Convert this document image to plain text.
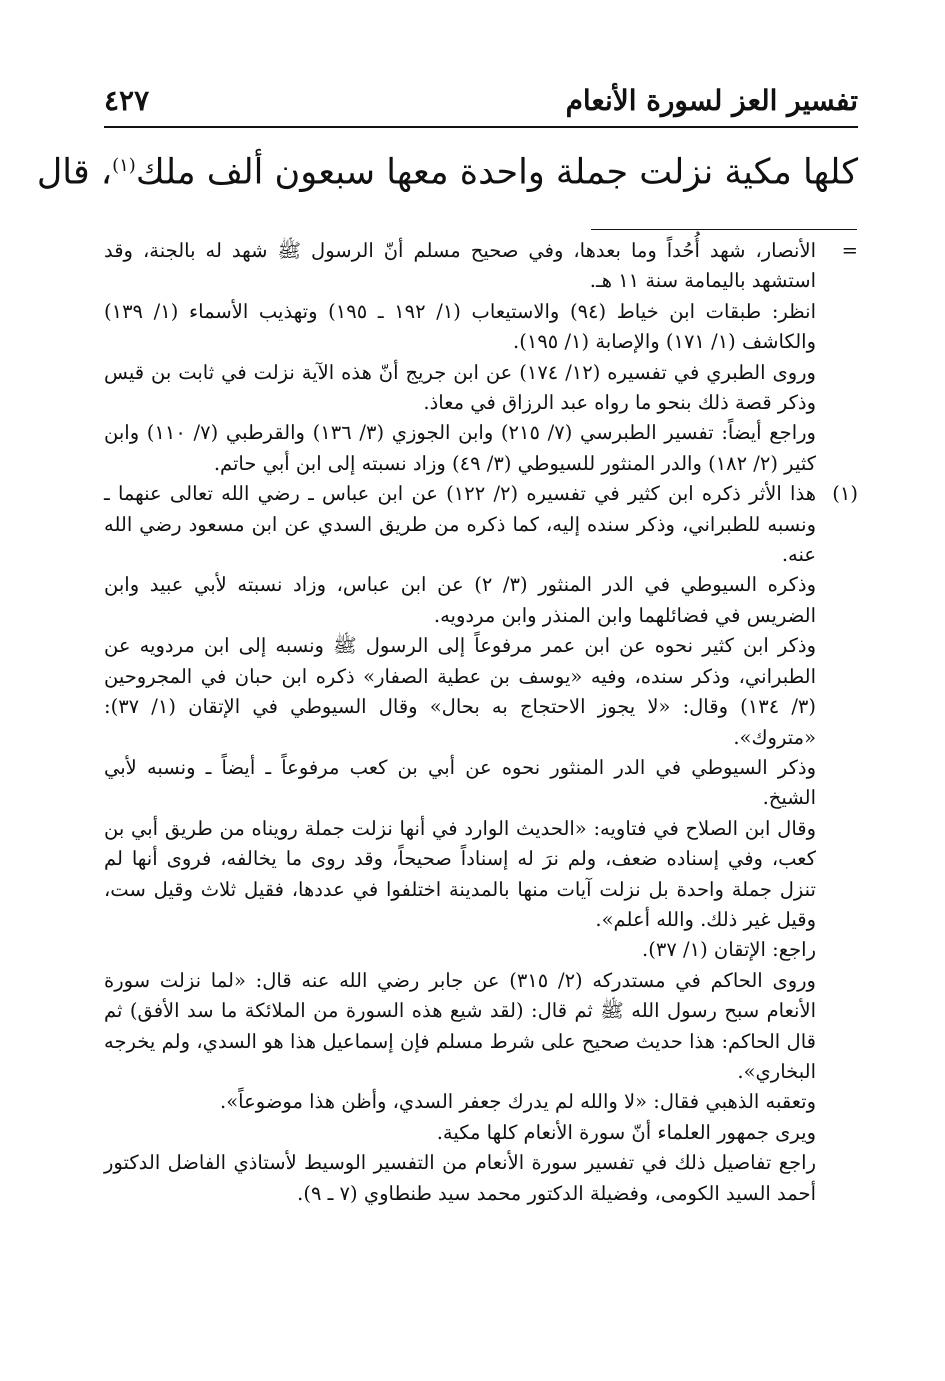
تفسير العز لسورة الأنعام
٤٢٧
كلها مكية نزلت جملة واحدة معها سبعون ألف ملك$^{(١)}$، قال
=

الأنصار، شهد أُحُداً وما بعدها، وفي صحيح مسلم أنّ الرسول ﷺ شهد له بالجنة، وقد استشهد باليمامة سنة ١١ هـ.

انظر: طبقات ابن خياط (٩٤) والاستيعاب (١/ ١٩٢ ـ ١٩٥) وتهذيب الأسماء (١/ ١٣٩) والكاشف (١/ ١٧١) والإصابة (١/ ١٩٥).

وروى الطبري في تفسيره (١٢/ ١٧٤) عن ابن جريج أنّ هذه الآية نزلت في ثابت بن قيس وذكر قصة ذلك بنحو ما رواه عبد الرزاق في معاذ.

وراجع أيضاً: تفسير الطبرسي (٧/ ٢١٥) وابن الجوزي (٣/ ١٣٦) والقرطبي (٧/ ١١٠) وابن كثير (٢/ ١٨٢) والدر المنثور للسيوطي (٣/ ٤٩) وزاد نسبته إلى ابن أبي حاتم.

(١)

هذا الأثر ذكره ابن كثير في تفسيره (٢/ ١٢٢) عن ابن عباس ـ رضي الله تعالى عنهما ـ ونسبه للطبراني، وذكر سنده إليه، كما ذكره من طريق السدي عن ابن مسعود رضي الله عنه.

وذكره السيوطي في الدر المنثور (٣/ ٢) عن ابن عباس، وزاد نسبته لأبي عبيد وابن الضريس في فضائلهما وابن المنذر وابن مردويه.

وذكر ابن كثير نحوه عن ابن عمر مرفوعاً إلى الرسول ﷺ ونسبه إلى ابن مردويه عن الطبراني، وذكر سنده، وفيه «يوسف بن عطية الصفار» ذكره ابن حبان في المجروحين (٣/ ١٣٤) وقال: «لا يجوز الاحتجاج به بحال» وقال السيوطي في الإتقان (١/ ٣٧): «متروك».

وذكر السيوطي في الدر المنثور نحوه عن أبي بن كعب مرفوعاً ـ أيضاً ـ ونسبه لأبي الشيخ.

وقال ابن الصلاح في فتاويه: «الحديث الوارد في أنها نزلت جملة رويناه من طريق أبي بن كعب، وفي إسناده ضعف، ولم نرَ له إسناداً صحيحاً، وقد روى ما يخالفه، فروى أنها لم تنزل جملة واحدة بل نزلت آيات منها بالمدينة اختلفوا في عددها، فقيل ثلاث وقيل ست، وقيل غير ذلك. والله أعلم».

راجع: الإتقان (١/ ٣٧).

وروى الحاكم في مستدركه (٢/ ٣١٥) عن جابر رضي الله عنه قال: «لما نزلت سورة الأنعام سبح رسول الله ﷺ ثم قال: (لقد شيع هذه السورة من الملائكة ما سد الأفق) ثم قال الحاكم: هذا حديث صحيح على شرط مسلم فإن إسماعيل هذا هو السدي، ولم يخرجه البخاري».

وتعقبه الذهبي فقال: «لا والله لم يدرك جعفر السدي، وأظن هذا موضوعاً».

ويرى جمهور العلماء أنّ سورة الأنعام كلها مكية.

راجع تفاصيل ذلك في تفسير سورة الأنعام من التفسير الوسيط لأستاذي الفاضل الدكتور أحمد السيد الكومى، وفضيلة الدكتور محمد سيد طنطاوي (٧ ـ ٩).
